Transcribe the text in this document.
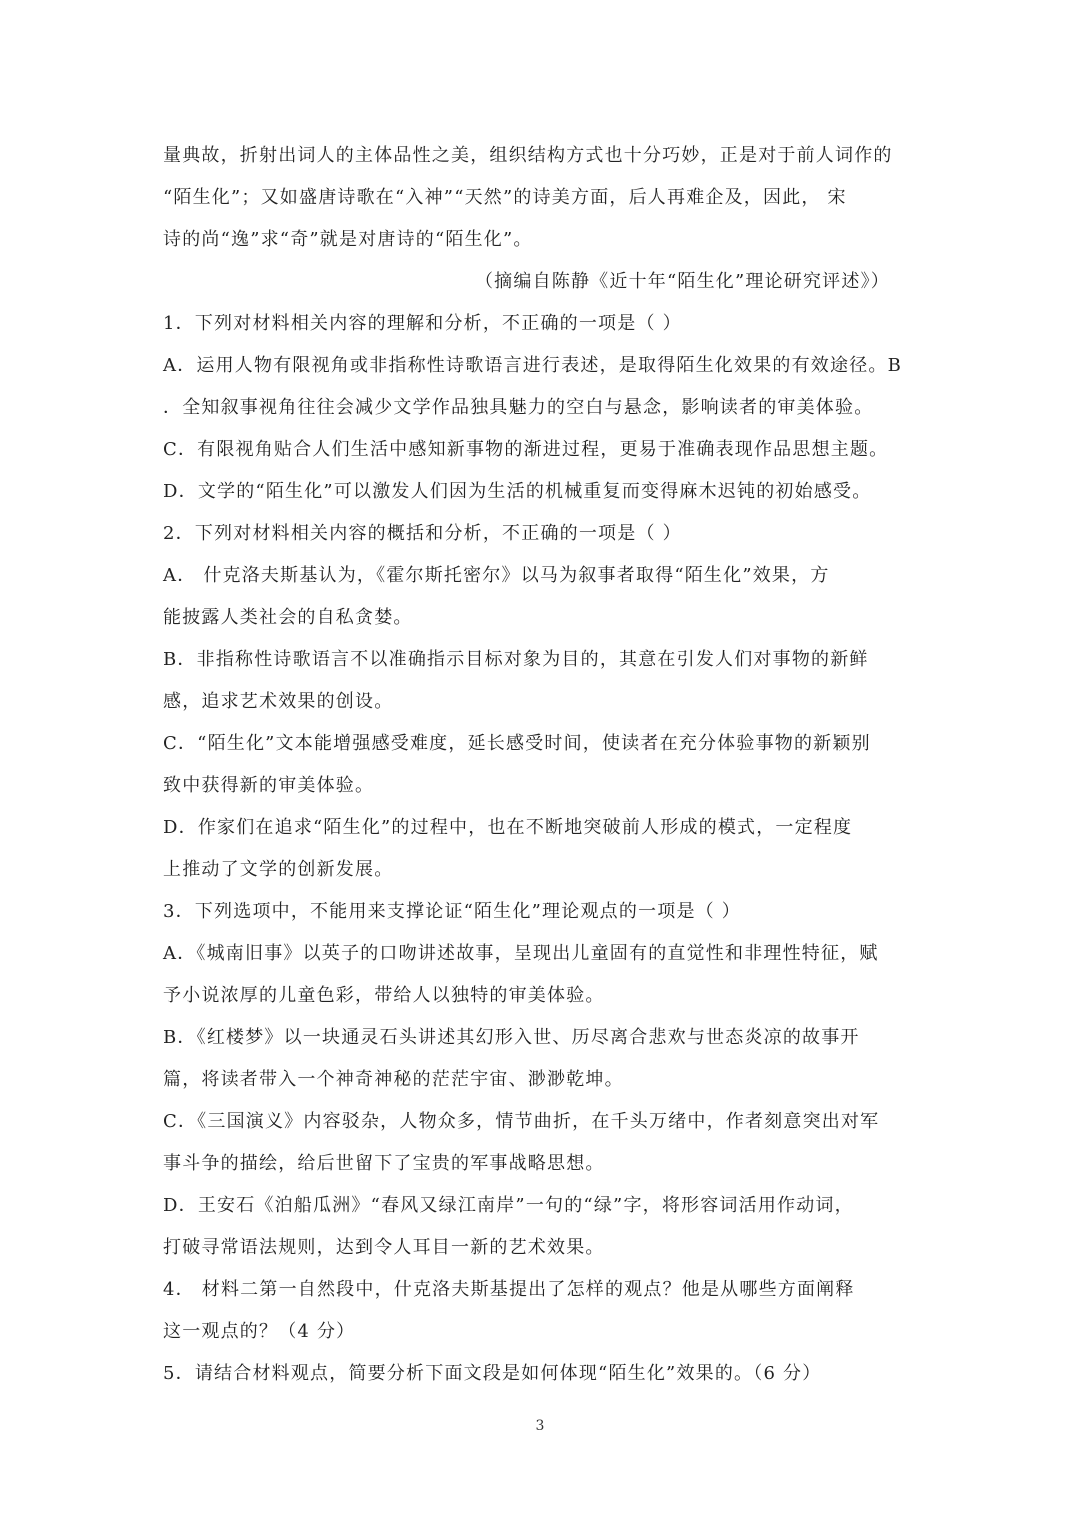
量典故，折射出词人的主体品性之美，组织结构方式也十分巧妙，正是对于前人词作的
“陌生化”；又如盛唐诗歌在“入神”“天然”的诗美方面，后人再难企及，因此， 宋
诗的尚“逸”求“奇”就是对唐诗的“陌生化”。
（摘编自陈静《近十年“陌生化”理论研究评述》）
1．下列对材料相关内容的理解和分析，不正确的一项是（ ）
A．运用人物有限视角或非指称性诗歌语言进行表述，是取得陌生化效果的有效途径。B
．全知叙事视角往往会减少文学作品独具魅力的空白与悬念，影响读者的审美体验。
C．有限视角贴合人们生活中感知新事物的渐进过程，更易于准确表现作品思想主题。
D．文学的“陌生化”可以激发人们因为生活的机械重复而变得麻木迟钝的初始感受。
2．下列对材料相关内容的概括和分析，不正确的一项是（ ）
A． 什克洛夫斯基认为，《霍尔斯托密尔》以马为叙事者取得“陌生化”效果，方
能披露人类社会的自私贪婪。
B．非指称性诗歌语言不以准确指示目标对象为目的，其意在引发人们对事物的新鲜
感，追求艺术效果的创设。
C．“陌生化”文本能增强感受难度，延长感受时间，使读者在充分体验事物的新颖别
致中获得新的审美体验。
D．作家们在追求“陌生化”的过程中，也在不断地突破前人形成的模式，一定程度
上推动了文学的创新发展。
3．下列选项中，不能用来支撑论证“陌生化”理论观点的一项是（ ）
A．《城南旧事》以英子的口吻讲述故事，呈现出儿童固有的直觉性和非理性特征，赋
予小说浓厚的儿童色彩，带给人以独特的审美体验。
B．《红楼梦》以一块通灵石头讲述其幻形入世、历尽离合悲欢与世态炎凉的故事开
篇，将读者带入一个神奇神秘的茫茫宇宙、渺渺乾坤。
C．《三国演义》内容驳杂，人物众多，情节曲折，在千头万绪中，作者刻意突出对军
事斗争的描绘，给后世留下了宝贵的军事战略思想。
D．王安石《泊船瓜洲》“春风又绿江南岸”一句的“绿”字，将形容词活用作动词，
打破寻常语法规则，达到令人耳目一新的艺术效果。
4． 材料二第一自然段中，什克洛夫斯基提出了怎样的观点？他是从哪些方面阐释
这一观点的？（4 分）
5．请结合材料观点，简要分析下面文段是如何体现“陌生化”效果的。（6 分）
3
